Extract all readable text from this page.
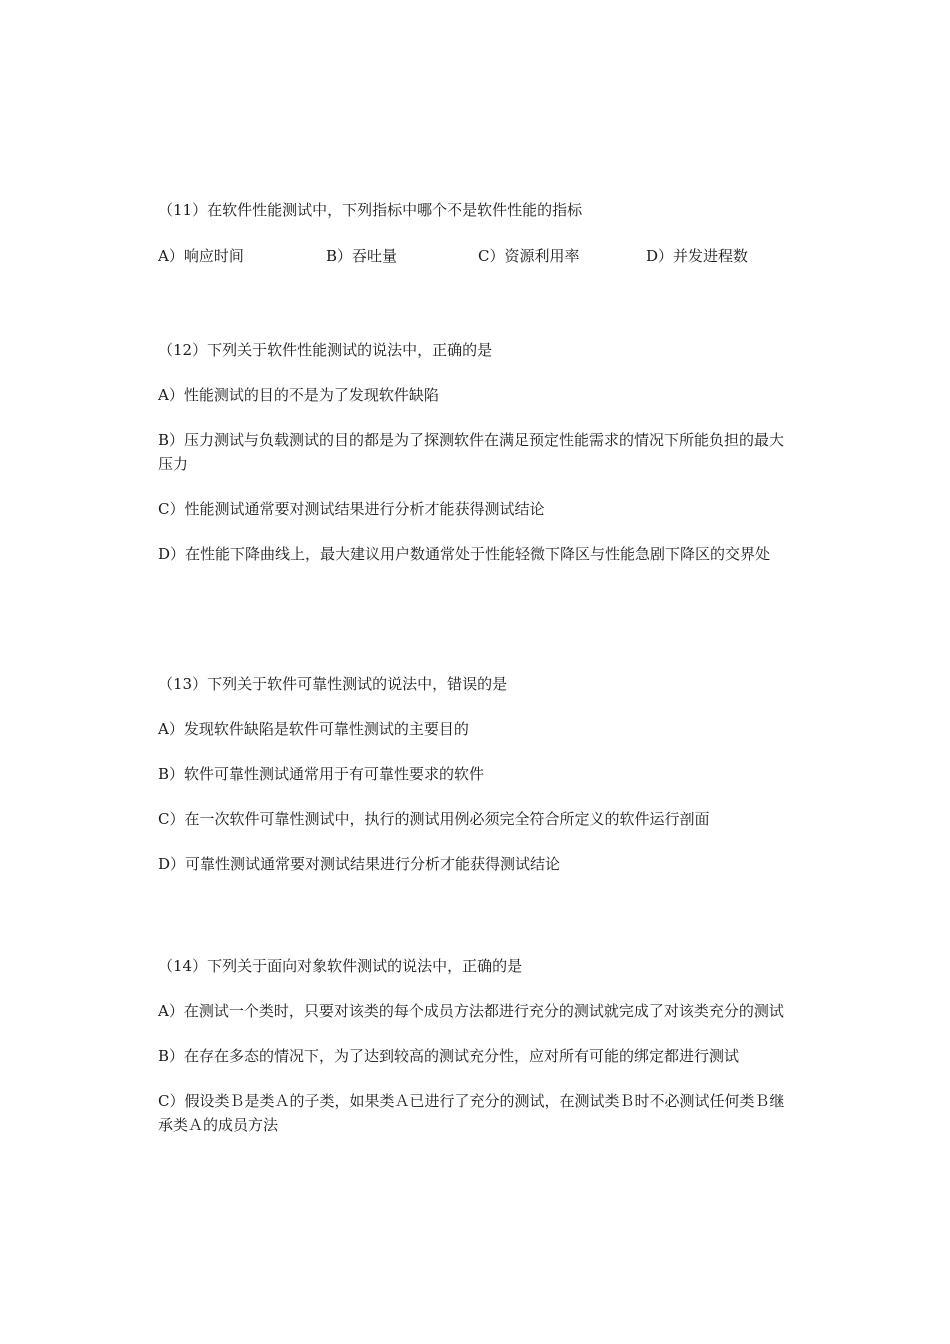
（11）在软件性能测试中，下列指标中哪个不是软件性能的指标
A）响应时间	B）吞吐量	C）资源利用率	D）并发进程数
（12）下列关于软件性能测试的说法中，正确的是
A）性能测试的目的不是为了发现软件缺陷
B）压力测试与负载测试的目的都是为了探测软件在满足预定性能需求的情况下所能负担的最大压力
C）性能测试通常要对测试结果进行分析才能获得测试结论
D）在性能下降曲线上，最大建议用户数通常处于性能轻微下降区与性能急剧下降区的交界处
（13）下列关于软件可靠性测试的说法中，错误的是
A）发现软件缺陷是软件可靠性测试的主要目的
B）软件可靠性测试通常用于有可靠性要求的软件
C）在一次软件可靠性测试中，执行的测试用例必须完全符合所定义的软件运行剖面
D）可靠性测试通常要对测试结果进行分析才能获得测试结论
（14）下列关于面向对象软件测试的说法中，正确的是
A）在测试一个类时，只要对该类的每个成员方法都进行充分的测试就完成了对该类充分的测试
B）在存在多态的情况下，为了达到较高的测试充分性，应对所有可能的绑定都进行测试
C）假设类Ｂ是类Ａ的子类，如果类Ａ已进行了充分的测试，在测试类Ｂ时不必测试任何类Ｂ继承类Ａ的成员方法
